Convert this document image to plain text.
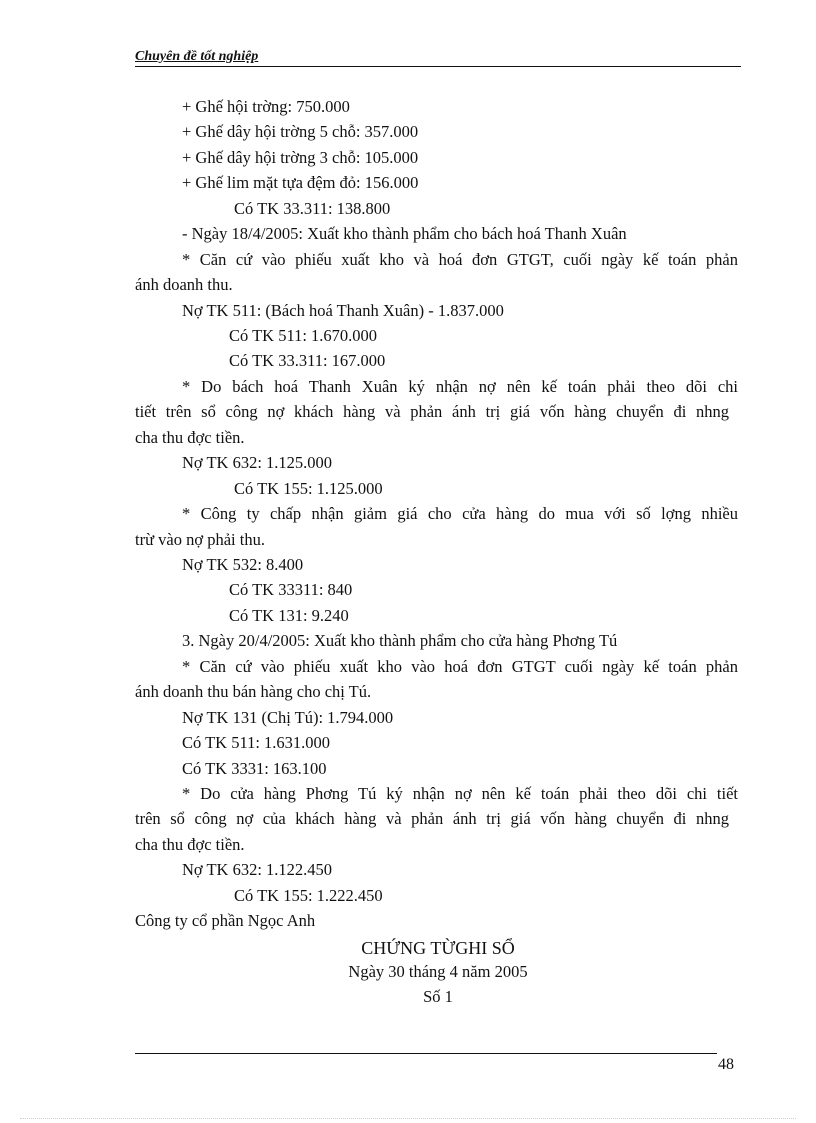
Chuyên đề tốt nghiệp
+ Ghế hội trờng: 750.000
+ Ghế dây hội trờng 5 chỗ: 357.000
+ Ghế dây hội trờng 3 chỗ: 105.000
+ Ghế lim mặt tựa đệm đỏ: 156.000
Có TK 33.311: 138.800
- Ngày 18/4/2005: Xuất kho thành phẩm cho bách hoá Thanh Xuân
* Căn cứ vào phiếu xuất kho và hoá đơn GTGT, cuối ngày kế toán phản
ánh doanh thu.
Nợ TK 511: (Bách hoá Thanh Xuân) - 1.837.000
Có TK 511: 1.670.000
Có TK 33.311: 167.000
* Do bách hoá Thanh Xuân ký nhận nợ nên kế toán phải theo dõi chi
tiết trên sổ công nợ khách hàng và phản ánh trị giá vốn hàng chuyển đi nhng
cha thu đợc tiền.
Nợ TK 632: 1.125.000
Có TK 155: 1.125.000
* Công ty chấp nhận giảm giá cho cửa hàng do mua với số lợng nhiều
trừ vào nợ phải thu.
Nợ TK 532: 8.400
Có TK 33311: 840
Có TK 131: 9.240
3. Ngày 20/4/2005: Xuất kho thành phẩm cho cửa hàng Phơng Tú
* Căn cứ vào phiếu xuất kho vào hoá đơn GTGT cuối ngày kế toán phản
ánh doanh thu bán hàng cho chị Tú.
Nợ TK 131 (Chị Tú): 1.794.000
Có TK 511: 1.631.000
Có TK 3331: 163.100
* Do cửa hàng Phơng Tú ký nhận nợ nên kế toán phải theo dõi chi tiết
trên sổ công nợ của khách hàng và phản ánh trị giá vốn hàng chuyển đi nhng
cha thu đợc tiền.
Nợ TK 632: 1.122.450
Có TK 155: 1.222.450
Công ty cổ phần Ngọc Anh
CHỨNG TỪGHI SỔ
Ngày 30 tháng 4 năm 2005
Số 1
48
